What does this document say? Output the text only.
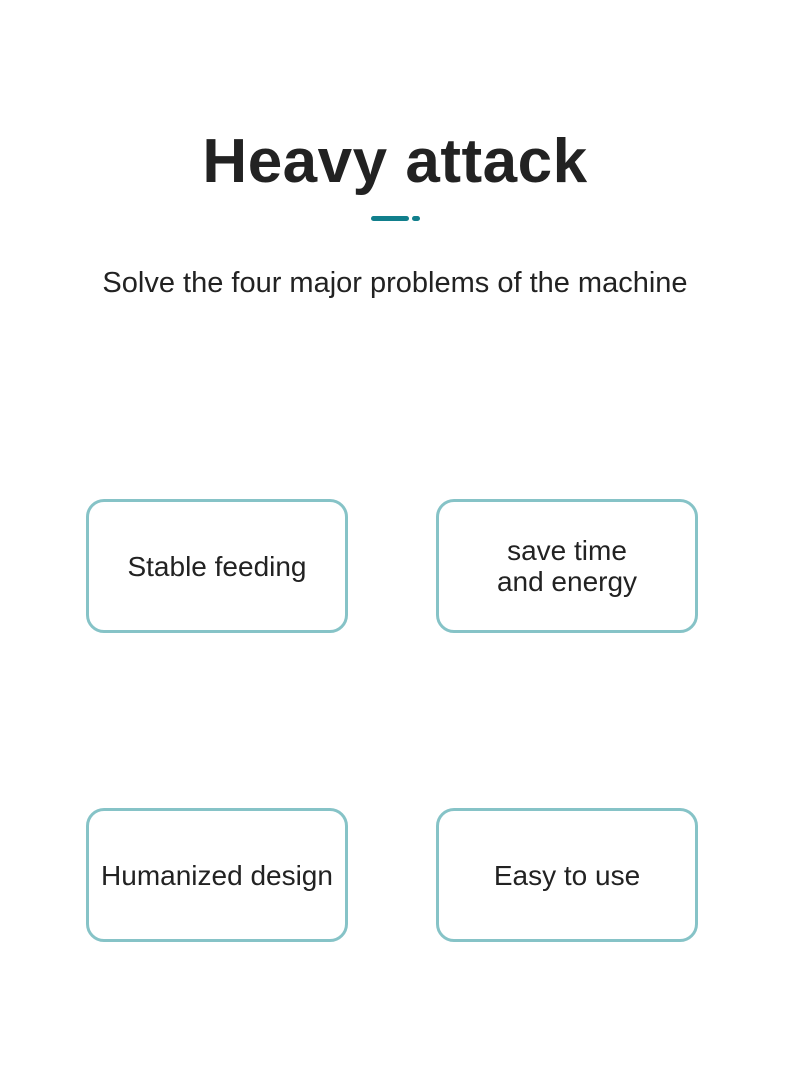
Heavy attack
Solve the four major problems of the machine
Stable feeding	save time
and energy
Humanized design	Easy to use
